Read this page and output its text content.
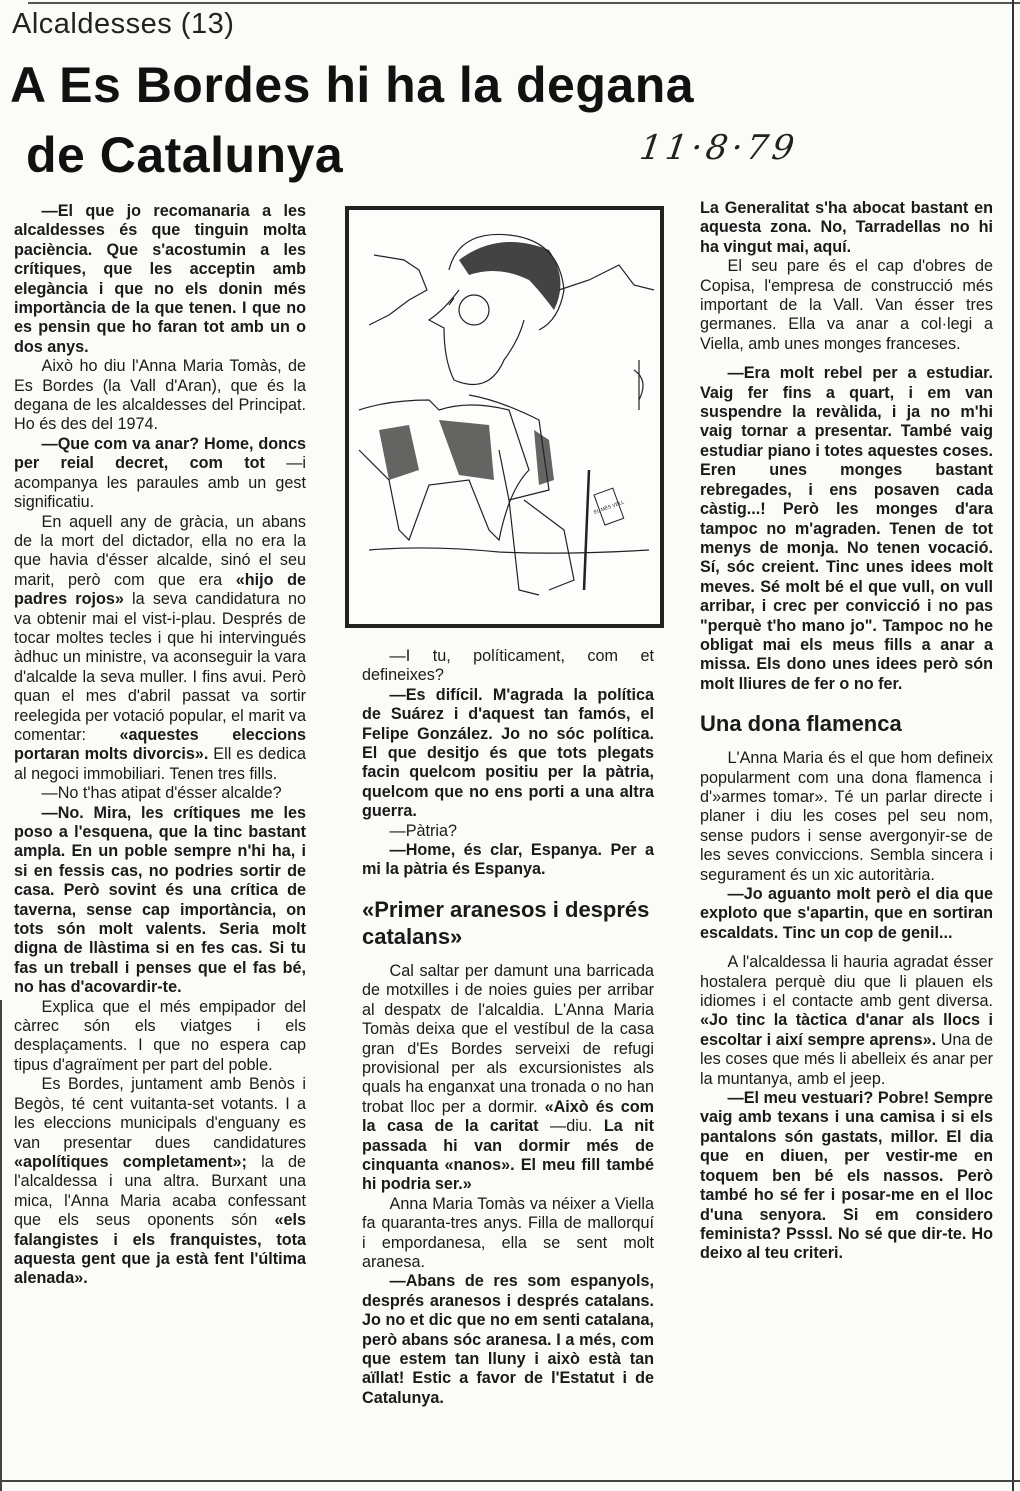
Alcaldesses (13)
A Es Bordes hi ha la degana
de Catalunya	11·8·79

—El que jo recomanaria a les alcaldesses és que tinguin molta paciència. Que s'acostumin a les crítiques, que les acceptin amb elegància i que no els donin més importància de la que tenen. I que no es pensin que ho faran tot amb un o dos anys.

Això ho diu l'Anna Maria Tomàs, de Es Bordes (la Vall d'Aran), que és la degana de les alcaldesses del Principat. Ho és des del 1974.

—Que com va anar? Home, doncs per reial decret, com tot —i acompanya les paraules amb un gest significatiu.

En aquell any de gràcia, un abans de la mort del dictador, ella no era la que havia d'ésser alcalde, sinó el seu marit, però com que era «hijo de padres rojos» la seva candidatura no va obtenir mai el vist-i-plau. Després de tocar moltes tecles i que hi intervingués àdhuc un ministre, va aconseguir la vara d'alcalde la seva muller. I fins avui. Però quan el mes d'abril passat va sortir reelegida per votació popular, el marit va comentar: «aquestes eleccions portaran molts divorcis». Ell es dedica al negoci immobiliari. Tenen tres fills.

—No t'has atipat d'ésser alcalde?

—No. Mira, les crítiques me les poso a l'esquena, que la tinc bastant ampla. En un poble sempre n'hi ha, i si en fessis cas, no podries sortir de casa. Però sovint és una crítica de taverna, sense cap importància, on tots són molt valents. Seria molt digna de llàstima si en fes cas. Si tu fas un treball i penses que el fas bé, no has d'acovardir-te.

Explica que el més empipador del càrrec són els viatges i els desplaçaments. I que no espera cap tipus d'agraïment per part del poble.

Es Bordes, juntament amb Benòs i Begòs, té cent vuitanta-set votants. I a les eleccions municipals d'enguany es van presentar dues candidatures «apolítiques completament»; la de l'alcaldessa i una altra. Burxant una mica, l'Anna Maria acaba confessant que els seus oponents són «els falangistes i els franquistes, tota aquesta gent que ja està fent l'última alenada».

EL MÉS VELL

—I tu, políticament, com et defineixes?

—Es difícil. M'agrada la política de Suárez i d'aquest tan famós, el Felipe González. Jo no sóc política. El que desitjo és que tots plegats facin quelcom positiu per la pàtria, quelcom que no ens porti a una altra guerra.

—Pàtria?

—Home, és clar, Espanya. Per a mi la pàtria és Espanya.

«Primer aranesos i després catalans»

Cal saltar per damunt una barricada de motxilles i de noies guies per arribar al despatx de l'alcaldia. L'Anna Maria Tomàs deixa que el vestíbul de la casa gran d'Es Bordes serveixi de refugi provisional per als excursionistes als quals ha enganxat una tronada o no han trobat lloc per a dormir. «Això és com la casa de la caritat —diu. La nit passada hi van dormir més de cinquanta «nanos». El meu fill també hi podria ser.»

Anna Maria Tomàs va néixer a Viella fa quaranta-tres anys. Filla de mallorquí i empordanesa, ella se sent molt aranesa.

—Abans de res som espanyols, després aranesos i després catalans. Jo no et dic que no em senti catalana, però abans sóc aranesa. I a més, com que estem tan lluny i això està tan aïllat! Estic a favor de l'Estatut i de Catalunya.

La Generalitat s'ha abocat bastant en aquesta zona. No, Tarradellas no hi ha vingut mai, aquí.

El seu pare és el cap d'obres de Copisa, l'empresa de construcció més important de la Vall. Van ésser tres germanes. Ella va anar a col·legi a Viella, amb unes monges franceses.

—Era molt rebel per a estudiar. Vaig fer fins a quart, i em van suspendre la revàlida, i ja no m'hi vaig tornar a presentar. També vaig estudiar piano i totes aquestes coses. Eren unes monges bastant rebregades, i ens posaven cada càstig...! Però les monges d'ara tampoc no m'agraden. Tenen de tot menys de monja. No tenen vocació. Sí, sóc creient. Tinc unes idees molt meves. Sé molt bé el que vull, on vull arribar, i crec per convicció i no pas "perquè t'ho mano jo". Tampoc no he obligat mai els meus fills a anar a missa. Els dono unes idees però són molt lliures de fer o no fer.

Una dona flamenca

L'Anna Maria és el que hom defineix popularment com una dona flamenca i d'»armes tomar». Té un parlar directe i planer i diu les coses pel seu nom, sense pudors i sense avergonyir-se de les seves conviccions. Sembla sincera i segurament és un xic autoritària.

—Jo aguanto molt però el dia que exploto que s'apartin, que en sortiran escaldats. Tinc un cop de genil...

A l'alcaldessa li hauria agradat ésser hostalera perquè diu que li plauen els idiomes i el contacte amb gent diversa. «Jo tinc la tàctica d'anar als llocs i escoltar i així sempre aprens». Una de les coses que més li abelleix és anar per la muntanya, amb el jeep.

—El meu vestuari? Pobre! Sempre vaig amb texans i una camisa i si els pantalons són gastats, millor. El dia que en diuen, per vestir-me en toquem ben bé els nassos. Però també ho sé fer i posar-me en el lloc d'una senyora. Si em considero feminista? Psssl. No sé que dir-te. Ho deixo al teu criteri.
